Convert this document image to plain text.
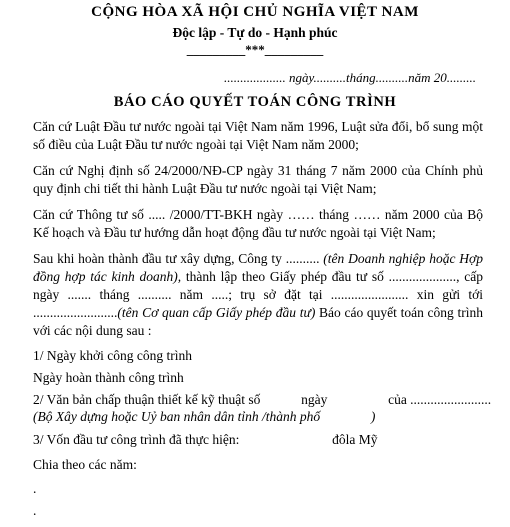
CỘNG HÒA XÃ HỘI CHỦ NGHĨA VIỆT NAM
Độc lập - Tự do - Hạnh phúc
_________***_________
................... ngày..........tháng..........năm 20.........
BÁO CÁO QUYẾT TOÁN CÔNG TRÌNH
Căn cứ Luật Đầu tư nước ngoài tại Việt Nam năm 1996, Luật sửa đổi, bổ sung một số điều của Luật Đầu tư nước ngoài tại Việt Nam năm 2000;
Căn cứ Nghị định số 24/2000/NĐ-CP ngày 31 tháng 7 năm 2000 của Chính phủ quy định chi tiết thi hành Luật Đầu tư nước ngoài tại Việt Nam;
Căn cứ Thông tư số ..... /2000/TT-BKH ngày …… tháng …… năm 2000 của Bộ Kế hoạch và Đầu tư hướng dẫn hoạt động đầu tư nước ngoài tại Việt Nam;
Sau khi hoàn thành đầu tư xây dựng, Công ty .......... (tên Doanh nghiệp hoặc Hợp đồng hợp tác kinh doanh), thành lập theo Giấy phép đầu tư số ...................., cấp ngày ....... tháng .......... năm .....; trụ sở đặt tại ....................... xin gửi tới .........................(tên Cơ quan cấp Giấy phép đầu tư) Báo cáo quyết toán công trình với các nội dung sau :
1/ Ngày khởi công công trình
Ngày hoàn thành công trình
2/ Văn bản chấp thuận thiết kế kỹ thuật số	ngày	của ........................
(Bộ Xây dựng hoặc Uỷ ban nhân dân tỉnh /thành phố	)
3/ Vốn đầu tư công trình đã thực hiện:	đôla Mỹ
Chia theo các năm:
.
.
